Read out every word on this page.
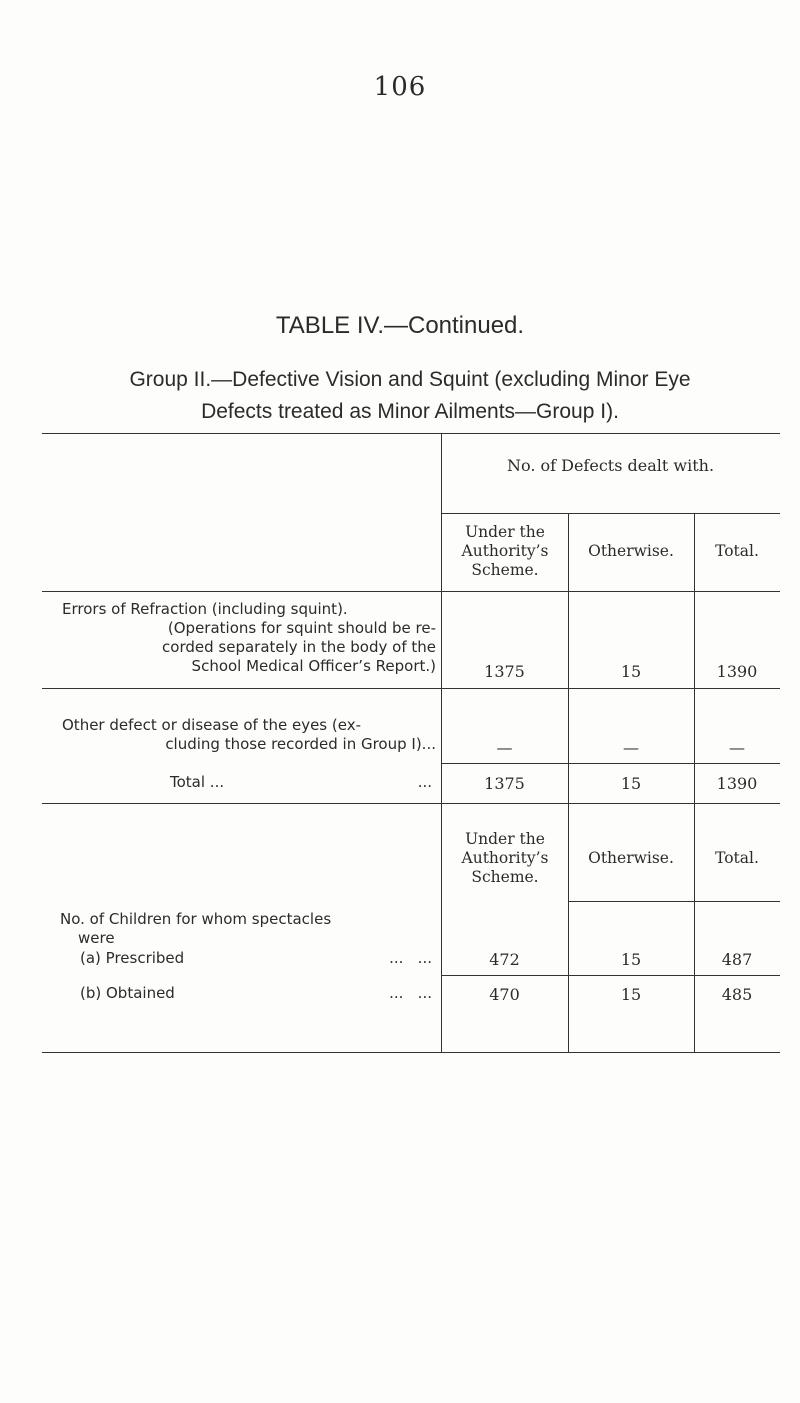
106
TABLE IV.—Continued.
Group II.—Defective Vision and Squint (excluding Minor Eye
Defects treated as Minor Ailments—Group I).
No. of Defects dealt with.
Under the Authority’s Scheme.
Otherwise.	Total.
Errors of Refraction (including squint).
(Operations for squint should be re-
corded separately in the body of the
School Medical Officer’s Report.)	1375	15	1390
Other defect or disease of the eyes (ex-
cluding those recorded in Group I)...	—	—	—
Total ...	...	1375	15	1390
Under the Authority’s Scheme.
Otherwise.	Total.
No. of Children for whom spectacles
were
(a) Prescribed	...   ...	472	15	487
(b) Obtained	...   ...	470	15	485
